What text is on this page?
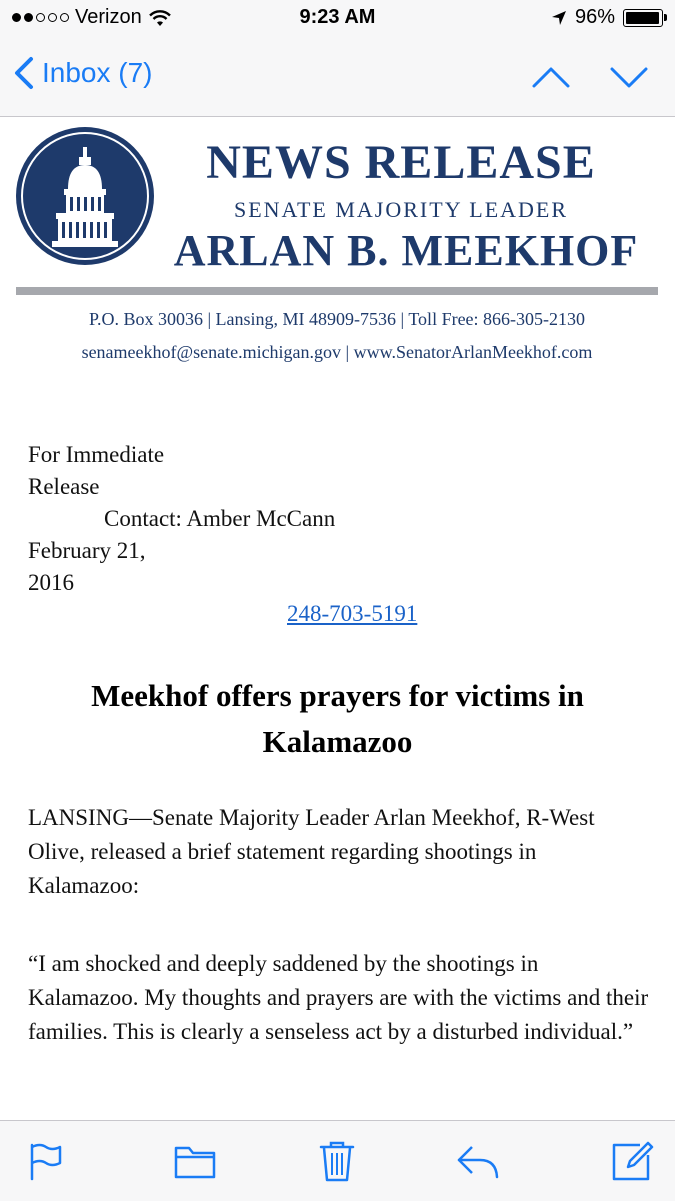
Verizon	9:23 AM	96%
Inbox (7)
NEWS RELEASE
SENATE MAJORITY LEADER
ARLAN B. MEEKHOF
P.O. Box 30036 | Lansing, MI 48909-7536 | Toll Free: 866-305-2130
senameekhof@senate.michigan.gov | www.SenatorArlanMeekhof.com
For Immediate
Release
Contact: Amber McCann
February 21,
2016
248-703-5191
Meekhof offers prayers for victims in Kalamazoo
LANSING—Senate Majority Leader Arlan Meekhof, R-West Olive, released a brief statement regarding shootings in Kalamazoo:
“I am shocked and deeply saddened by the shootings in Kalamazoo. My thoughts and prayers are with the victims and their families. This is clearly a senseless act by a disturbed individual.”
